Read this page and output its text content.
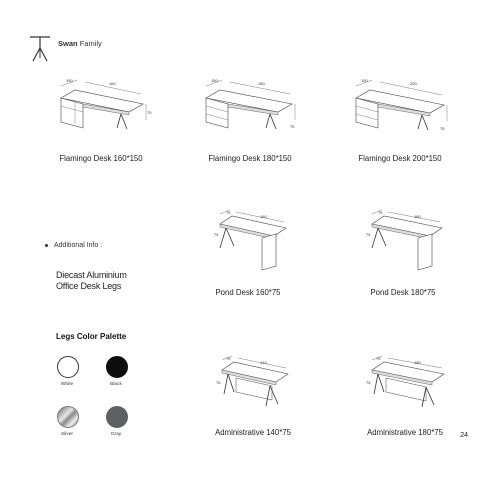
Swan Family
150
160
75
150
180
75
150
200
75
Flamingo Desk 160*150	Flamingo Desk 180*150	Flamingo Desk 200*150
75
160
75
75
180
75
Pond Desk 160*75	Pond Desk 180*75
75
140
75
75
180
75
Administrative 140*75	Administrative 180*75
Additional Info :
Diecast Aluminium
Office Desk Legs
Legs Color Palette
White	Black
Silver	Gray	24
